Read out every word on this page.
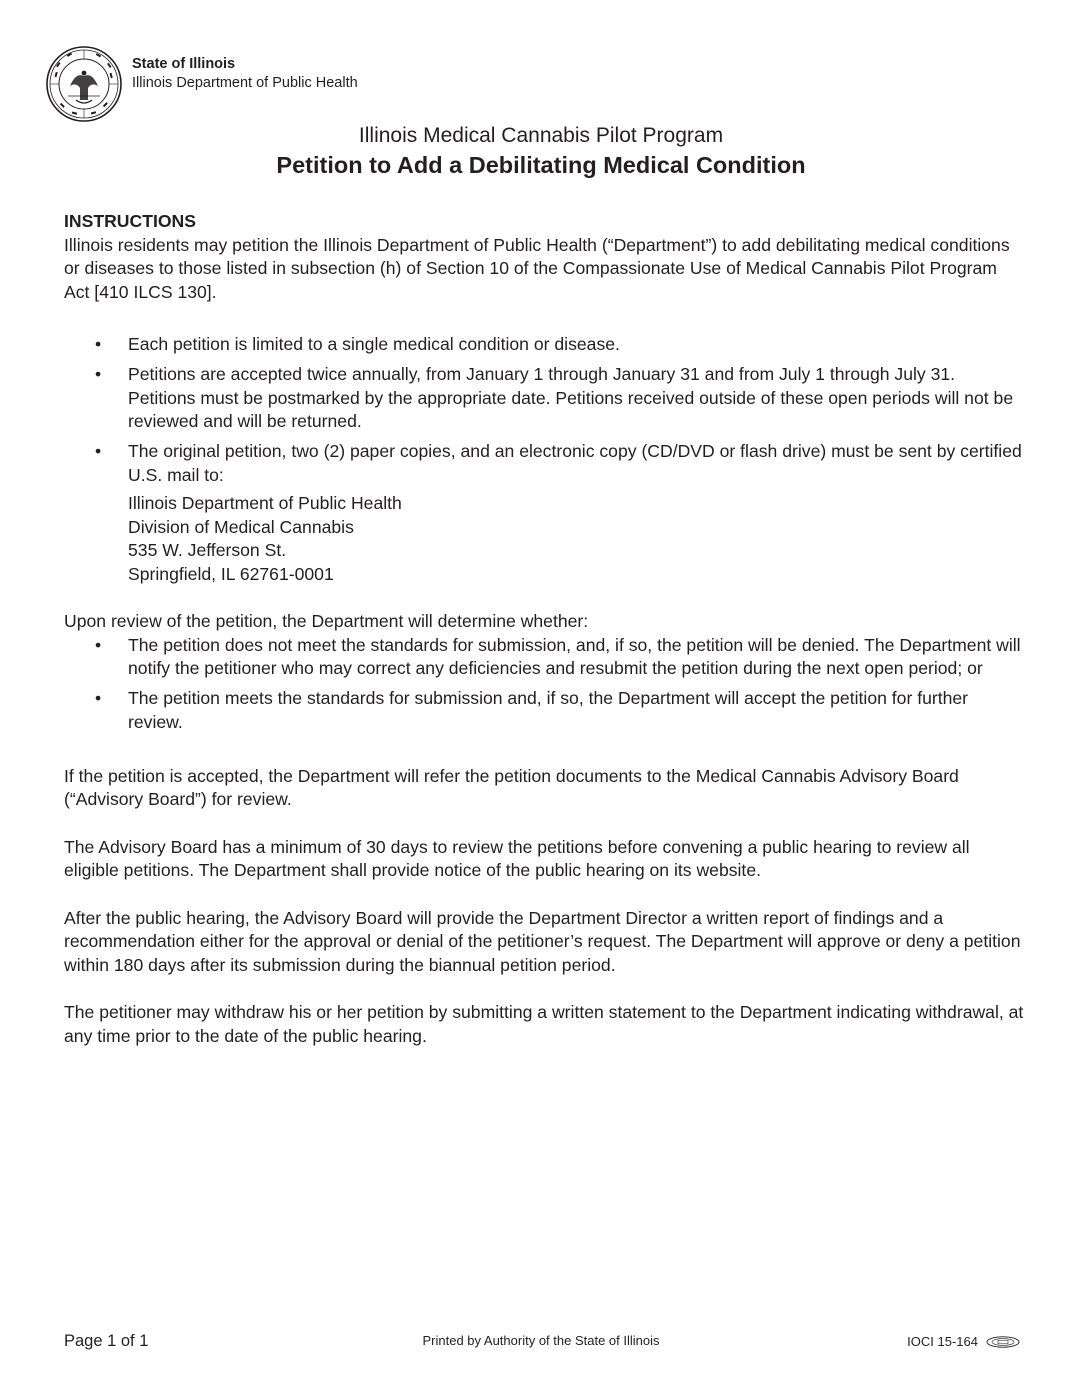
State of Illinois
Illinois Department of Public Health
Illinois Medical Cannabis Pilot Program
Petition to Add a Debilitating Medical Condition
INSTRUCTIONS

Illinois residents may petition the Illinois Department of Public Health (“Department”) to add debilitating medical conditions or diseases to those listed in subsection (h) of Section 10 of the Compassionate Use of Medical Cannabis Pilot Program Act [410 ILCS 130].

• Each petition is limited to a single medical condition or disease.
• Petitions are accepted twice annually, from January 1 through January 31 and from July 1 through July 31. Petitions must be postmarked by the appropriate date. Petitions received outside of these open periods will not be reviewed and will be returned.
• The original petition, two (2) paper copies, and an electronic copy (CD/DVD or flash drive) must be sent by certified U.S. mail to:
Illinois Department of Public Health
Division of Medical Cannabis
535 W. Jefferson St.
Springfield, IL 62761-0001

Upon review of the petition, the Department will determine whether:

• The petition does not meet the standards for submission, and, if so, the petition will be denied. The Department will notify the petitioner who may correct any deficiencies and resubmit the petition during the next open period; or
• The petition meets the standards for submission and, if so, the Department will accept the petition for further review.

If the petition is accepted, the Department will refer the petition documents to the Medical Cannabis Advisory Board (“Advisory Board”) for review.

The Advisory Board has a minimum of 30 days to review the petitions before convening a public hearing to review all eligible petitions. The Department shall provide notice of the public hearing on its website.

After the public hearing, the Advisory Board will provide the Department Director a written report of findings and a recommendation either for the approval or denial of the petitioner’s request. The Department will approve or deny a petition within 180 days after its submission during the biannual petition period.

The petitioner may withdraw his or her petition by submitting a written statement to the Department indicating withdrawal, at any time prior to the date of the public hearing.

Page 1 of 1	Printed by Authority of the State of Illinois	IOCI 15-164
